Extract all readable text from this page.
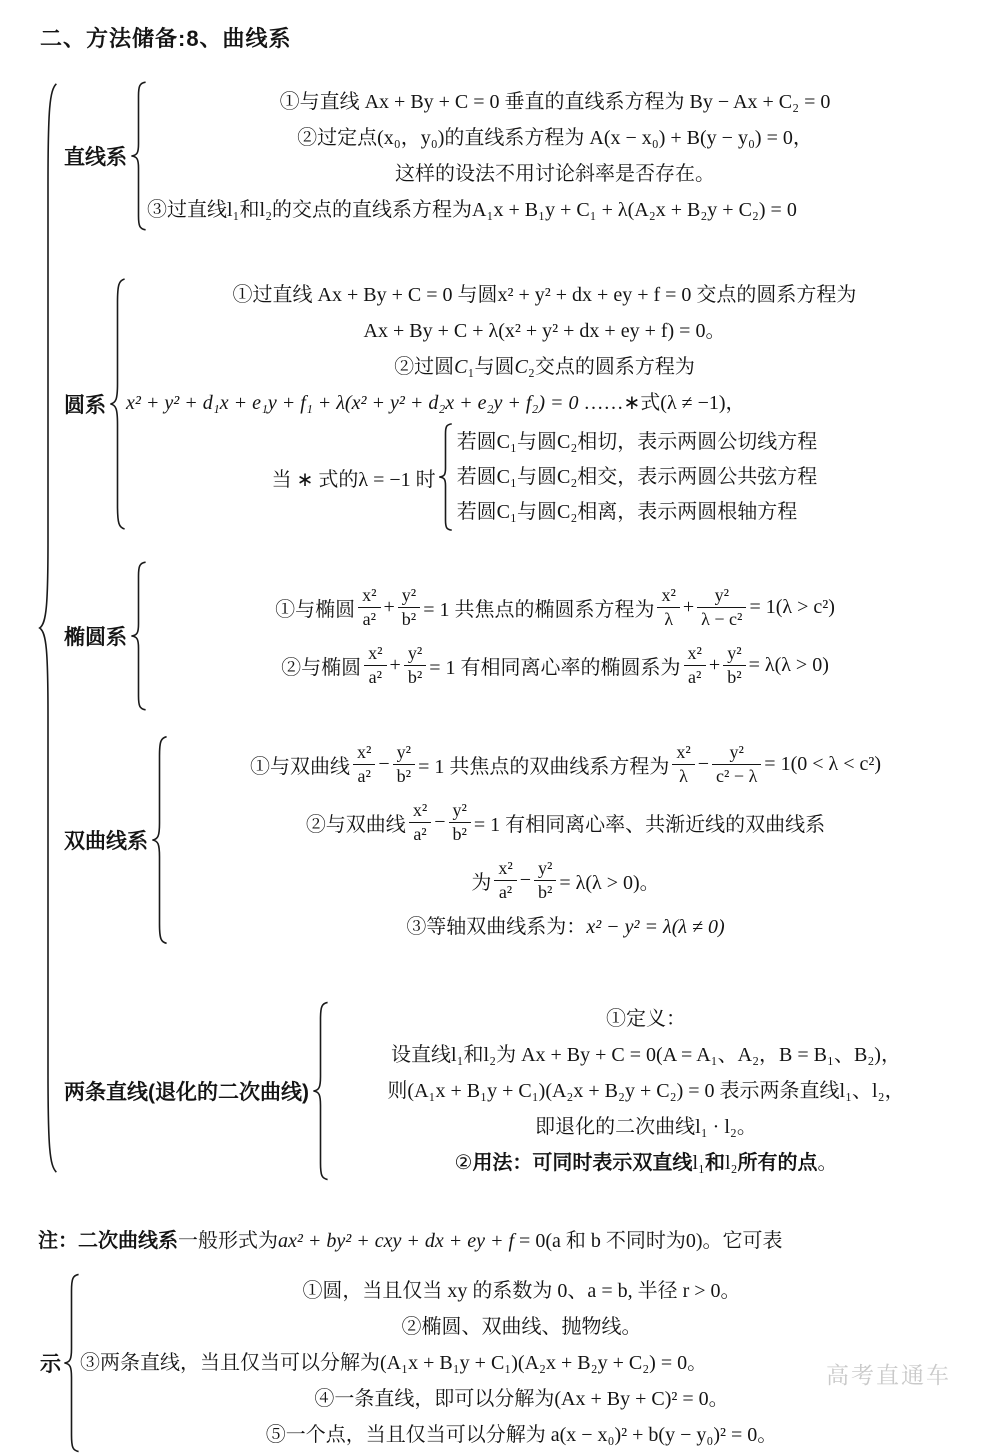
二、方法储备:8、曲线系
直线系
①与直线 Ax + By + C = 0 垂直的直线系方程为 By − Ax + C₂ = 0
②过定点(x₀，y₀)的直线系方程为 A(x − x₀) + B(y − y₀) = 0，
这样的设法不用讨论斜率是否存在。
③过直线l₁和l₂的交点的直线系方程为A₁x + B₁y + C₁ + λ(A₂x + B₂y + C₂) = 0
圆系
①过直线 Ax + By + C = 0 与圆x² + y² + dx + ey + f = 0 交点的圆系方程为
Ax + By + C + λ(x² + y² + dx + ey + f) = 0。
②过圆C₁与圆C₂交点的圆系方程为
x² + y² + d₁x + e₁y + f₁ + λ(x² + y² + d₂x + e₂y + f₂) = 0 ……∗式(λ ≠ −1)，
当 ∗ 式的λ = −1 时
若圆C₁与圆C₂相切，表示两圆公切线方程
若圆C₁与圆C₂相交，表示两圆公共弦方程
若圆C₁与圆C₂相离，表示两圆根轴方程
椭圆系
①与椭圆 $\frac{\text{x²}}{\text{a²}} + \frac{\text{y²}}{\text{b²}} = 1$ 共焦点的椭圆系方程为 $\frac{\text{x²}}{\lambda} + \frac{\text{y²}}{\text{λ − c²}} = 1(\lambda > c^2)$
②与椭圆 $\frac{\text{x²}}{\text{a²}} + \frac{\text{y²}}{\text{b²}} = 1$ 有相同离心率的椭圆系为 $\frac{\text{x²}}{\text{a²}} + \frac{\text{y²}}{\text{b²}} = \lambda(\lambda > 0)$
双曲线系
①与双曲线 $\frac{\text{x²}}{\text{a²}} - \frac{\text{y²}}{\text{b²}} = 1$ 共焦点的双曲线系方程为 $\frac{\text{x²}}{\lambda} - \frac{\text{y²}}{\text{c² − λ}} = 1(0 < \lambda < c^2)$
②与双曲线 $\frac{\text{x²}}{\text{a²}} - \frac{\text{y²}}{\text{b²}} = 1$ 有相同离心率、共渐近线的双曲线系
为 $\frac{\text{x²}}{\text{a²}} - \frac{\text{y²}}{\text{b²}} = \lambda(\lambda > 0)$。
③等轴双曲线系为：x² − y² = λ(λ ≠ 0)
两条直线(退化的二次曲线)
①定义：
设直线l₁和l₂为 Ax + By + C = 0(A = A₁、A₂，B = B₁、B₂)，
则(A₁x + B₁y + C₁)(A₂x + B₂y + C₂) = 0 表示两条直线l₁、l₂，
即退化的二次曲线l₁ · l₂。
②用法：可同时表示双直线l₁和l₂所有的点。
注：二次曲线系一般形式为ax² + by² + cxy + dx + ey + f = 0(a 和 b 不同时为0)。它可表
示
①圆，当且仅当 xy 的系数为 0、a = b, 半径 r > 0。
②椭圆、双曲线、抛物线。
③两条直线，当且仅当可以分解为(A₁x + B₁y + C₁)(A₂x + B₂y + C₂) = 0。
④一条直线，即可以分解为(Ax + By + C)² = 0。
⑤一个点，当且仅当可以分解为 a(x − x₀)² + b(y − y₀)² = 0。
高考直通车
